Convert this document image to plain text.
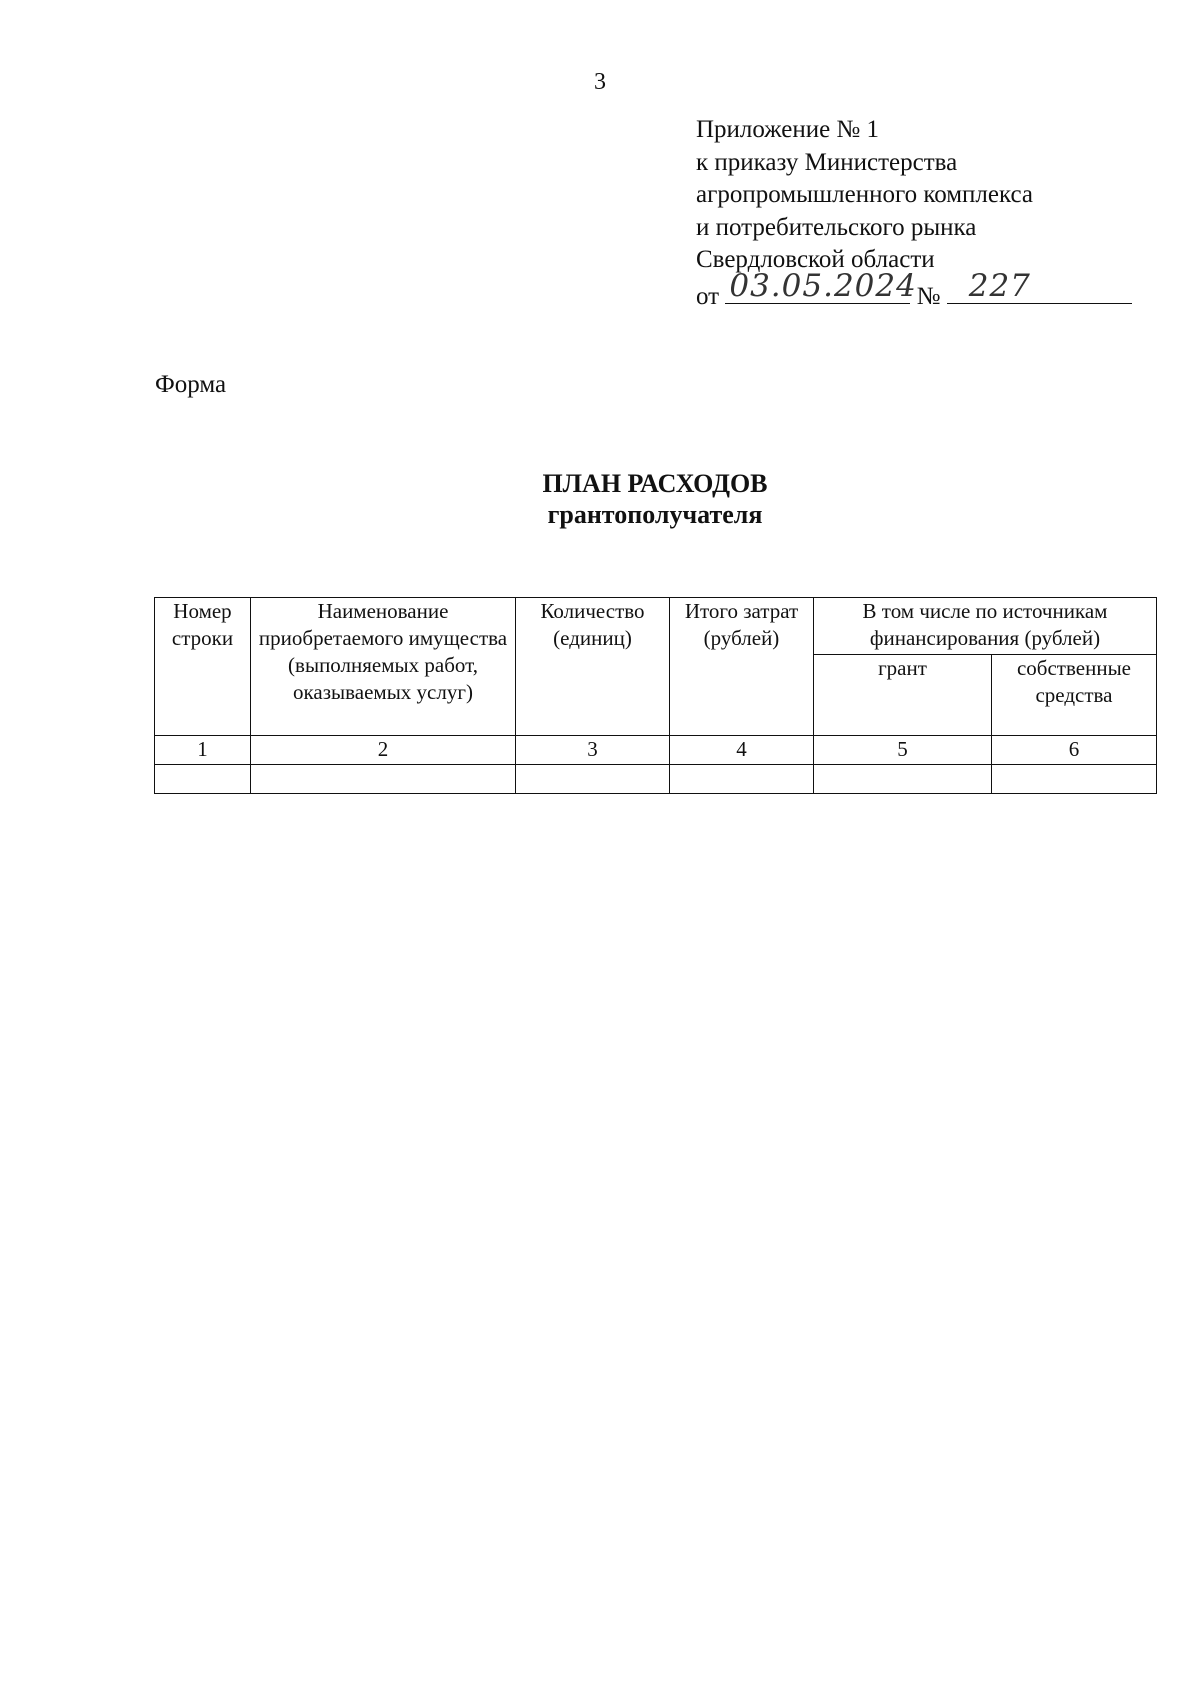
3
Приложение № 1
к приказу Министерства
агропромышленного комплекса
и потребительского рынка
Свердловской области
от 03.05.2024 № 227
Форма
ПЛАН РАСХОДОВ
грантополучателя
Номер строки	Наименование приобретаемого имущества (выполняемых работ, оказываемых услуг)	Количество (единиц)	Итого затрат (рублей)	В том числе по источникам финансирования (рублей)	
				грант	собственные средства
1	2	3	4	5	6
